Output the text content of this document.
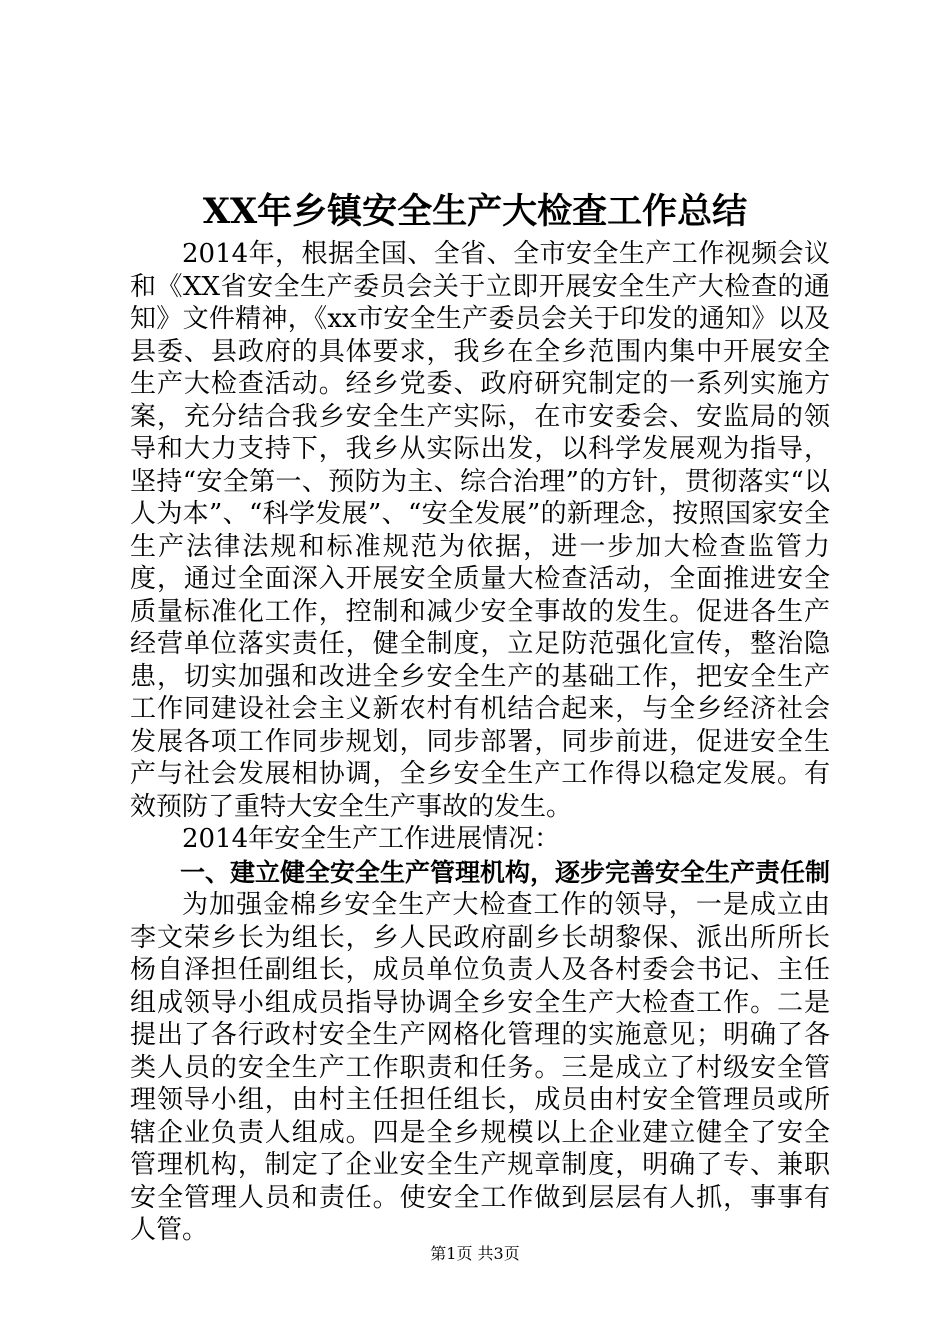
XX年乡镇安全生产大检查工作总结

2014年，根据全国、全省、全市安全生产工作视频会议和《XX省安全生产委员会关于立即开展安全生产大检查的通知》文件精神，《xx市安全生产委员会关于印发的通知》以及县委、县政府的具体要求，我乡在全乡范围内集中开展安全生产大检查活动。经乡党委、政府研究制定的一系列实施方案，充分结合我乡安全生产实际，在市安委会、安监局的领导和大力支持下，我乡从实际出发，以科学发展观为指导，坚持“安全第一、预防为主、综合治理”的方针，贯彻落实“以人为本”、“科学发展”、“安全发展”的新理念，按照国家安全生产法律法规和标准规范为依据，进一步加大检查监管力度，通过全面深入开展安全质量大检查活动，全面推进安全质量标准化工作，控制和减少安全事故的发生。促进各生产经营单位落实责任，健全制度，立足防范强化宣传，整治隐患，切实加强和改进全乡安全生产的基础工作，把安全生产工作同建设社会主义新农村有机结合起来，与全乡经济社会发展各项工作同步规划，同步部署，同步前进，促进安全生产与社会发展相协调，全乡安全生产工作得以稳定发展。有效预防了重特大安全生产事故的发生。

2014年安全生产工作进展情况：

一、建立健全安全生产管理机构，逐步完善安全生产责任制

为加强金棉乡安全生产大检查工作的领导，一是成立由李文荣乡长为组长，乡人民政府副乡长胡黎保、派出所所长杨自泽担任副组长，成员单位负责人及各村委会书记、主任组成领导小组成员指导协调全乡安全生产大检查工作。二是提出了各行政村安全生产网格化管理的实施意见；明确了各类人员的安全生产工作职责和任务。三是成立了村级安全管理领导小组，由村主任担任组长，成员由村安全管理员或所辖企业负责人组成。四是全乡规模以上企业建立健全了安全管理机构，制定了企业安全生产规章制度，明确了专、兼职安全管理人员和责任。使安全工作做到层层有人抓，事事有人管。

第1页 共3页
